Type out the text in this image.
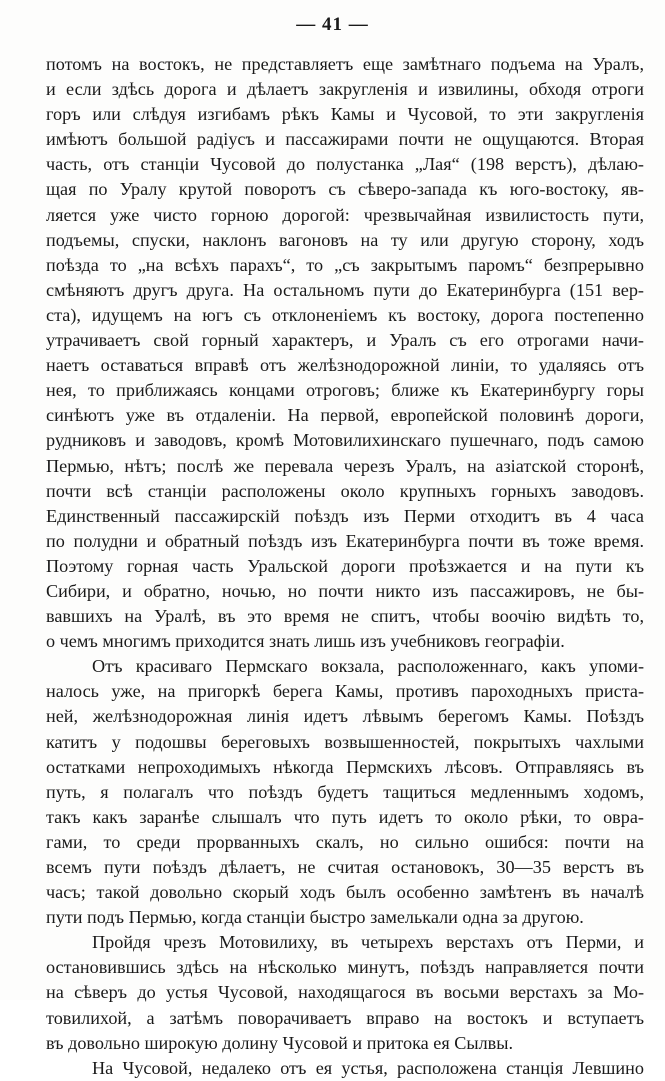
— 41 —
потомъ на востокъ, не представляетъ еще замѣтнаго подъема на Уралъ,
и если здѣсь дорога и дѣлаетъ закругленія и извилины, обходя отроги
горъ или слѣдуя изгибамъ рѣкъ Камы и Чусовой, то эти закругленія
имѣютъ большой радіусъ и пассажирами почти не ощущаются. Вторая
часть, отъ станціи Чусовой до полустанка „Лая“ (198 верстъ), дѣлаю-
щая по Уралу крутой поворотъ съ сѣверо-запада къ юго-востоку, яв-
ляется уже чисто горною дорогой: чрезвычайная извилистость пути,
подъемы, спуски, наклонъ вагоновъ на ту или другую сторону, ходъ
поѣзда то „на всѣхъ парахъ“, то „съ закрытымъ паромъ“ безпрерывно
смѣняютъ другъ друга. На остальномъ пути до Екатеринбурга (151 вер-
ста), идущемъ на югъ съ отклоненіемъ къ востоку, дорога постепенно
утрачиваетъ свой горный характеръ, и Уралъ съ его отрогами начи-
наетъ оставаться вправѣ отъ желѣзнодорожной линіи, то удаляясь отъ
нея, то приближаясь концами отроговъ; ближе къ Екатеринбургу горы
синѣютъ уже въ отдаленіи. На первой, европейской половинѣ дороги,
рудниковъ и заводовъ, кромѣ Мотовилихинскаго пушечнаго, подъ самою
Пермью, нѣтъ; послѣ же перевала черезъ Уралъ, на азіатской сторонѣ,
почти всѣ станціи расположены около крупныхъ горныхъ заводовъ.
Единственный пассажирскій поѣздъ изъ Перми отходитъ въ 4 часа
по полудни и обратный поѣздъ изъ Екатеринбурга почти въ тоже время.
Поэтому горная часть Уральской дороги проѣзжается и на пути къ
Сибири, и обратно, ночью, но почти никто изъ пассажировъ, не бы-
вавшихъ на Уралѣ, въ это время не спитъ, чтобы воочію видѣть то,
о чемъ многимъ приходится знать лишь изъ учебниковъ географіи.
Отъ красиваго Пермскаго вокзала, расположеннаго, какъ упоми-
налось уже, на пригоркѣ берега Камы, противъ пароходныхъ приста-
ней, желѣзнодорожная линія идетъ лѣвымъ берегомъ Камы. Поѣздъ
катитъ у подошвы береговыхъ возвышенностей, покрытыхъ чахлыми
остатками непроходимыхъ нѣкогда Пермскихъ лѣсовъ. Отправляясь въ
путь, я полагалъ что поѣздъ будетъ тащиться медленнымъ ходомъ,
такъ какъ заранѣе слышалъ что путь идетъ то около рѣки, то овра-
гами, то среди прорванныхъ скалъ, но сильно ошибся: почти на
всемъ пути поѣздъ дѣлаетъ, не считая остановокъ, 30—35 верстъ въ
часъ; такой довольно скорый ходъ былъ особенно замѣтенъ въ началѣ
пути подъ Пермью, когда станціи быстро замелькали одна за другою.
Пройдя чрезъ Мотовилиху, въ четырехъ верстахъ отъ Перми, и
остановившись здѣсь на нѣсколько минутъ, поѣздъ направляется почти
на сѣверъ до устья Чусовой, находящагося въ восьми верстахъ за Мо-
товилихой, а затѣмъ поворачиваетъ вправо на востокъ и вступаетъ
въ довольно широкую долину Чусовой и притока ея Сылвы.
На Чусовой, недалеко отъ ея устья, расположена станція Левшино
